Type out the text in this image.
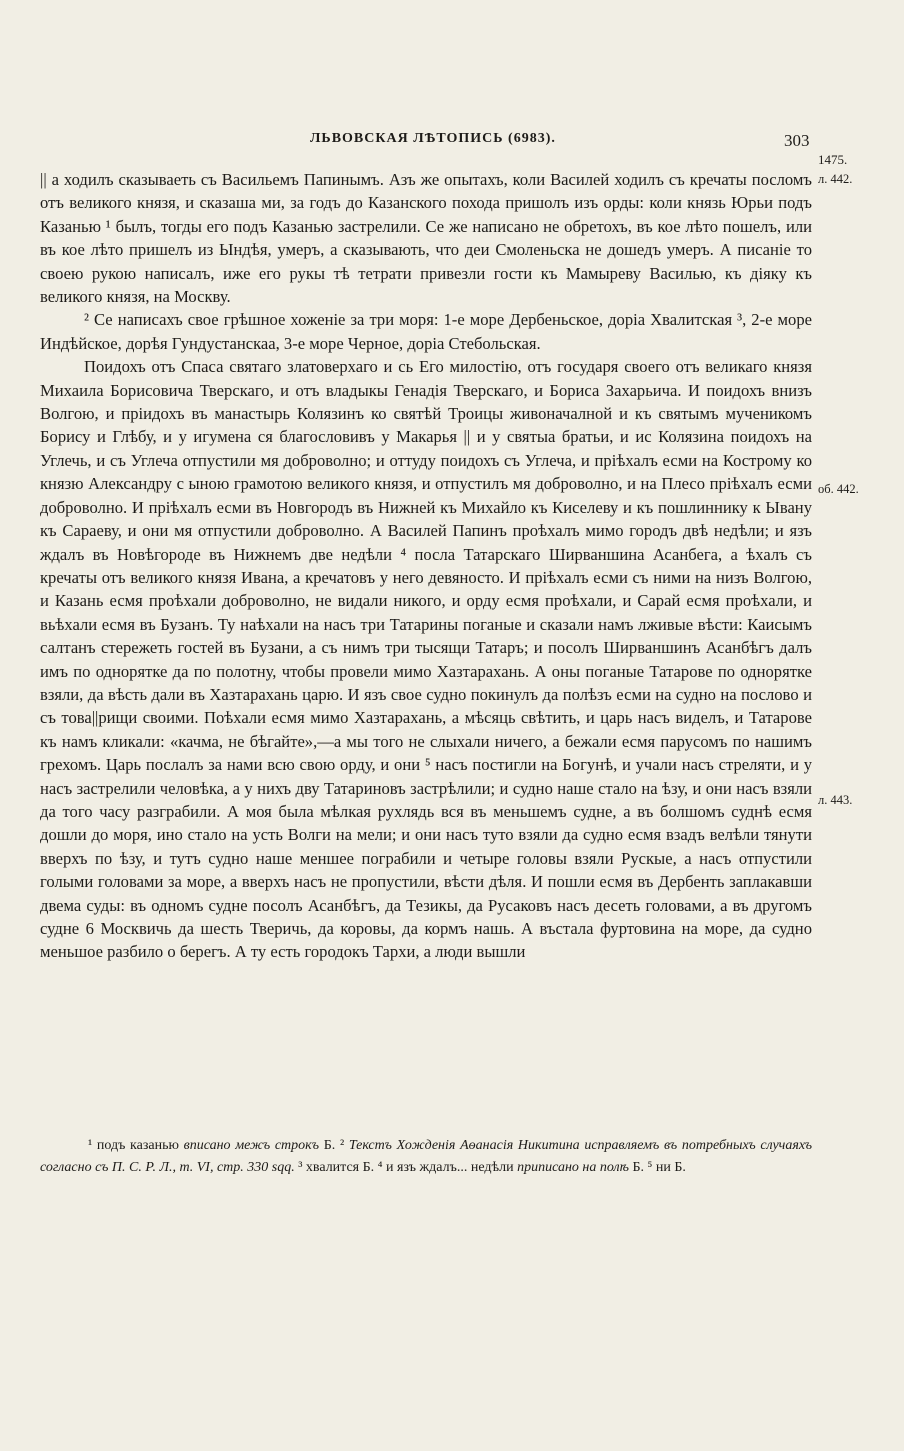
ЛЬВОВСКАЯ ЛѢТОПИСЬ (6983).	303
1475.
л. 442.
об. 442.
л. 443.

|| а ходилъ сказываеть съ Васильемъ Папинымъ. Азъ же опытахъ, коли Василей ходилъ съ кречаты посломъ отъ великого князя, и сказаша ми, за годъ до Казанского похода пришолъ изъ орды: коли князь Юрьи подъ Казанью ¹ былъ, тогды его подъ Казанью застрелили. Се же написано не обретохъ, въ кое лѣто пошелъ, или въ кое лѣто пришелъ из Ындѣя, умеръ, а сказывають, что деи Смоленьска не дошедъ умеръ. А писаніе то своею рукою написалъ, иже его рукы тѣ тетрати привезли гости къ Мамыреву Василью, къ діяку къ великого князя, на Москву.

² Се написахъ свое грѣшное хоженіе за три моря: 1-е море Дербеньское, доріа Хвалитская ³, 2-е море Индѣйское, дорѣя Гундустанскаа, 3-е море Черное, доріа Стебольская.

Поидохъ отъ Спаса святаго златоверхаго и сь Его милостію, отъ государя своего отъ великаго князя Михаила Борисовича Тверскаго, и отъ владыкы Генадія Тверскаго, и Бориса Захарьича. И поидохъ внизъ Волгою, и пріидохъ въ манастырь Колязинъ ко святѣй Троицы живоначалной и къ святымъ мученикомъ Борису и Глѣбу, и у игумена ся благословивъ у Макарья || и у святыа братьи, и ис Колязина поидохъ на Углечь, и съ Углеча отпустили мя доброволно; и оттуду поидохъ съ Углеча, и пріѣхалъ есми на Кострому ко князю Александру с ыною грамотою великого князя, и отпустилъ мя доброволно, и на Плесо пріѣхалъ есми доброволно. И пріѣхалъ есми въ Новгородъ въ Нижней къ Михайло къ Киселеву и къ пошлиннику к Ывану къ Сараеву, и они мя отпустили доброволно. А Василей Папинъ проѣхалъ мимо городъ двѣ недѣли; и язъ ждалъ въ Новѣгороде въ Нижнемъ две недѣли ⁴ посла Татарскаго Ширваншина Асанбега, а ѣхалъ съ кречаты отъ великого князя Ивана, а кречатовъ у него девяносто. И пріѣхалъ есми съ ними на низъ Волгою, и Казань есмя проѣхали доброволно, не видали никого, и орду есмя проѣхали, и Сарай есмя проѣхали, и вьѣхали есмя въ Бузанъ. Ту наѣхали на насъ три Татарины поганые и сказали намъ лживые вѣсти: Каисымъ салтанъ стережеть гостей въ Бузани, а съ нимъ три тысящи Татаръ; и посолъ Ширваншинъ Асанбѣгъ далъ имъ по однорятке да по полотну, чтобы провели мимо Хазтарахань. А оны поганые Татарове по однорятке взяли, да вѣсть дали въ Хазтарахань царю. И язъ свое судно покинулъ да полѣзъ есми на судно на пословo и съ това||рищи своими. Поѣхали есмя мимо Хазтарахань, а мѣсяць свѣтить, и царь насъ виделъ, и Татарове къ намъ кликали: «качма, не бѣгайте»,—а мы того не слыхали ничего, а бежали есмя парусомъ по нашимъ грехомъ. Царь послалъ за нами всю свою орду, и они ⁵ насъ постигли на Богунѣ, и учали насъ стреляти, и у насъ застрелили человѣка, а у нихъ дву Татариновъ застрѣлили; и судно наше стало на ѣзу, и они насъ взяли да того часу разграбили. А моя была мѣлкая рухлядь вся въ меньшемъ судне, а въ болшомъ суднѣ есмя дошли до моря, ино стало на усть Волги на мели; и они насъ туто взяли да судно есмя взадъ велѣли тянути вверхъ по ѣзу, и тутъ судно наше меншее пограбили и четыре головы взяли Рускые, а насъ отпустили голыми головами за море, а вверхъ насъ не пропустили, вѣсти дѣля. И пошли есмя въ Дербенть заплакавши двема суды: въ одномъ судне посолъ Асанбѣгъ, да Тезикы, да Русаковъ насъ десеть головами, а въ другомъ судне 6 Москвичь да шесть Тверичь, да коровы, да кормъ нашь. А въстала фуртовина на море, да судно меньшое разбило о берегъ. А ту есть городокъ Тархи, а люди вышли

¹ подъ казанью вписано межъ строкъ Б. ² Текстъ Хожденія Аѳанасія Никитина исправляемъ въ потребныхъ случаяхъ согласно съ П. С. Р. Л., т. VI, стр. 330 sqq. ³ хвалится Б. ⁴ и язъ ждалъ... недѣли приписано на полѣ Б. ⁵ ни Б.
